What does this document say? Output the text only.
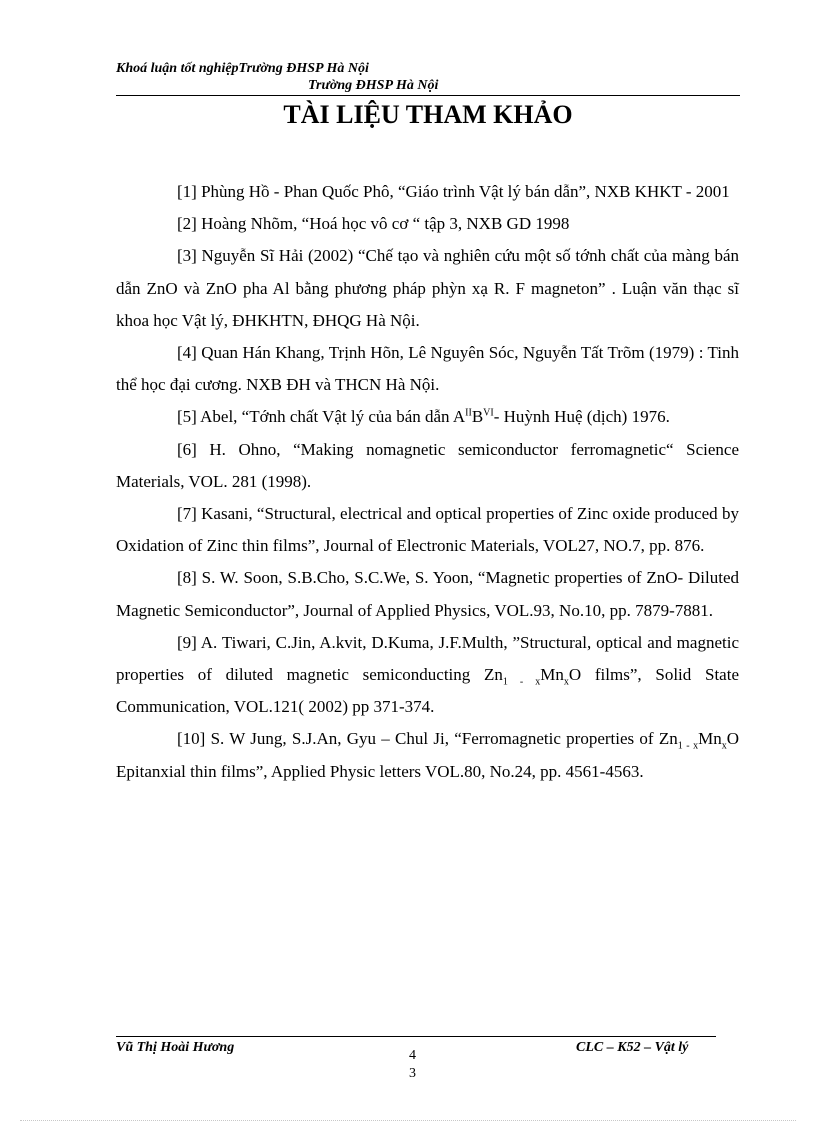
Khoá luận tốt nghiệpTrường ĐHSP Hà Nội
Trường ĐHSP Hà Nội
TÀI LIỆU THAM KHẢO

[1] Phùng Hồ - Phan Quốc Phô, “Giáo trình Vật lý bán dẫn”, NXB KHKT - 2001

[2] Hoàng Nhõm, “Hoá học vô cơ “ tập 3, NXB GD 1998

[3] Nguyễn Sĩ Hải (2002) “Chế tạo và nghiên cứu một số tớnh chất của màng bán dẫn ZnO và ZnO pha Al bằng phương pháp phỳn xạ R. F magneton” . Luận văn thạc sĩ khoa học Vật lý, ĐHKHTN, ĐHQG Hà Nội.

[4] Quan Hán Khang, Trịnh Hõn, Lê Nguyên Sóc, Nguyễn Tất Trõm (1979) : Tinh thể học đại cương. NXB ĐH và THCN Hà Nội.

[5] Abel, “Tớnh chất Vật lý của bán dẫn $A^{II}B^{VI}-$ Huỳnh Huệ (dịch) 1976.

[6] H. Ohno, “Making nomagnetic semiconductor ferromagnetic“ Science Materials, VOL. 281 (1998).

[7] Kasani, “Structural, electrical and optical properties of Zinc oxide produced by Oxidation of Zinc thin films”, Journal of Electronic Materials, VOL27, NO.7, pp. 876.

[8] S. W. Soon, S.B.Cho, S.C.We, S. Yoon, “Magnetic properties of ZnO- Diluted Magnetic Semiconductor”, Journal of Applied Physics, VOL.93, No.10, pp. 7879-7881.

[9] A. Tiwari, C.Jin, A.kvit, D.Kuma, J.F.Multh, ”Structural, optical and magnetic properties of diluted magnetic semiconducting $Zn_{1 - x}Mn_xO$ films”, Solid State Communication, VOL.121( 2002) pp 371-374.

[10] S. W Jung, S.J.An, Gyu – Chul Ji, “Ferromagnetic properties of $Zn_{1 - x}Mn_xO$ Epitanxial thin films”, Applied Physic letters VOL.80, No.24, pp. 4561-4563.

Vũ Thị Hoài Hương
4
3
CLC – K52 – Vật lý
